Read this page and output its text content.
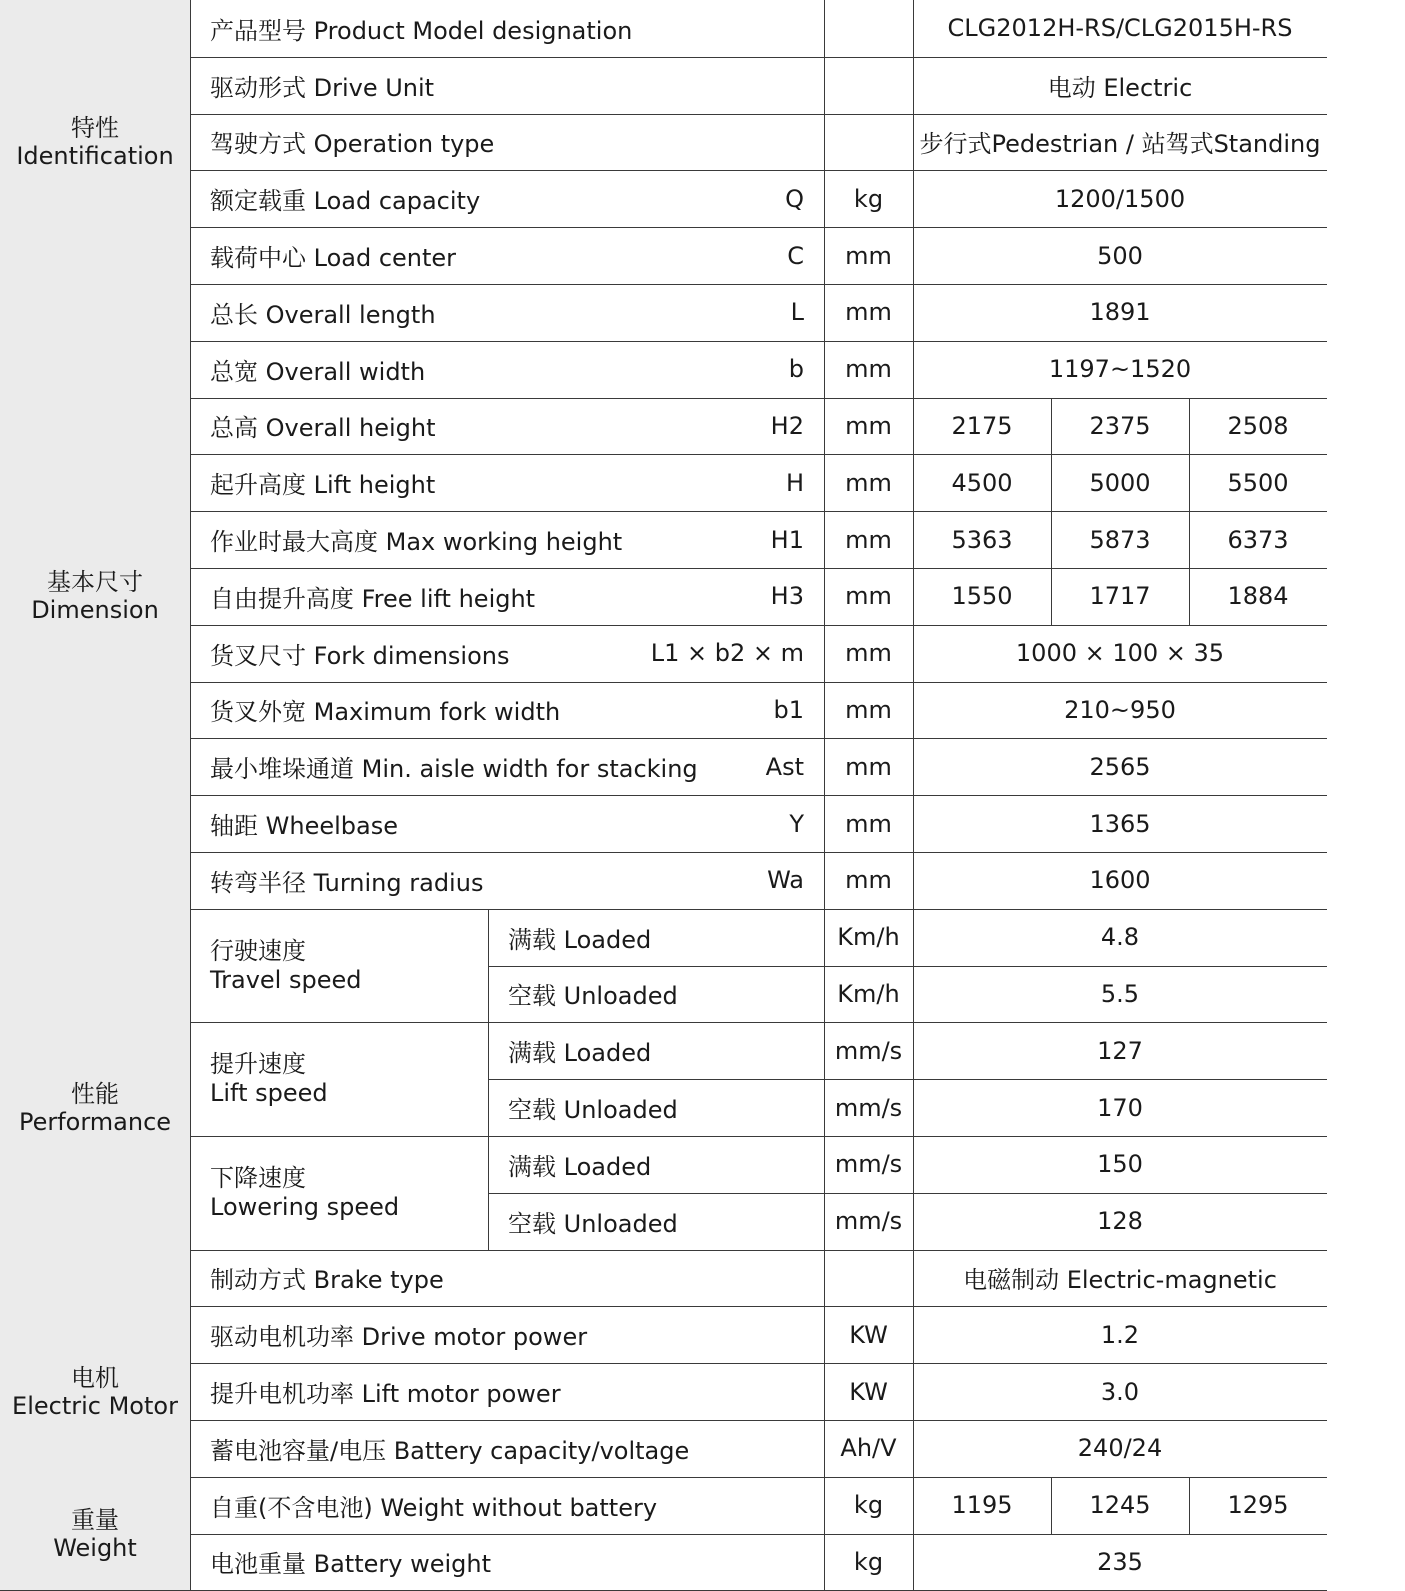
特性
Identification
基本尺寸
Dimension
性能
Performance
电机
Electric Motor
重量
Weight
产品型号 Product Model designation	CLG2012H-RS/CLG2015H-RS
驱动形式 Drive Unit	电动 Electric
驾驶方式 Operation type	步行式Pedestrian / 站驾式Standing
额定载重 Load capacity	Q	kg	1200/1500
载荷中心 Load center	C	mm	500
总长 Overall length	L	mm	1891
总宽 Overall width	b	mm	1197~1520
总高 Overall height	H2	mm	2175	2375	2508
起升高度 Lift height	H	mm	4500	5000	5500
作业时最大高度 Max working height	H1	mm	5363	5873	6373
自由提升高度 Free lift height	H3	mm	1550	1717	1884
货叉尺寸 Fork dimensions	L1 × b2 × m	mm	1000 × 100 × 35
货叉外宽 Maximum fork width	b1	mm	210~950
最小堆垛通道 Min. aisle width for stacking	Ast	mm	2565
轴距 Wheelbase	Y	mm	1365
转弯半径 Turning radius	Wa	mm	1600
行驶速度
Travel speed
满载 Loaded	Km/h	4.8
空载 Unloaded	Km/h	5.5
提升速度
Lift speed
满载 Loaded	mm/s	127
空载 Unloaded	mm/s	170
下降速度
Lowering speed
满载 Loaded	mm/s	150
空载 Unloaded	mm/s	128
制动方式 Brake type	电磁制动 Electric-magnetic
驱动电机功率 Drive motor power	KW	1.2
提升电机功率 Lift motor power	KW	3.0
蓄电池容量/电压 Battery capacity/voltage	Ah/V	240/24
自重(不含电池) Weight without battery	kg	1195	1245	1295
电池重量 Battery weight	kg	235
